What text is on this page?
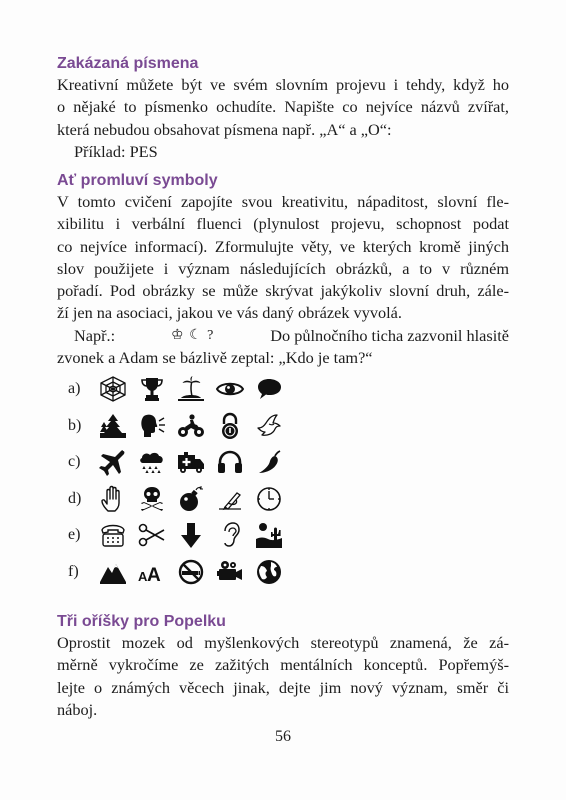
Zakázaná písmena
Kreativní můžete být ve svém slovním projevu i tehdy, když ho
o nějaké to písmenko ochudíte. Napište co nejvíce názvů zvířat,
která nebudou obsahovat písmena např. „A“ a „O“:
Příklad: PES
Ať promluví symboly
V tomto cvičení zapojíte svou kreativitu, nápaditost, slovní fle-
xibilitu i verbální fluenci (plynulost projevu, schopnost podat
co nejvíce informací). Zformulujte věty, ve kterých kromě jiných
slov použijete i význam následujících obrázků, a to v různém
pořadí. Pod obrázky se může skrývat jakýkoliv slovní druh, zále-
ží jen na asociaci, jakou ve vás daný obrázek vyvolá.
Např.:	♔ ☾ ?	Do půlnočního ticha zazvonil hlasitě
zvonek a Adam se bázlivě zeptal: „Kdo je tam?“
a)
b)
c)
d)
e)
f)	A A
Tři oříšky pro Popelku
Oprostit mozek od myšlenkových stereotypů znamená, že zá-
měrně vykročíme ze zažitých mentálních konceptů. Popřemýš-
lejte o známých věcech jinak, dejte jim nový význam, směr či
náboj.
56
